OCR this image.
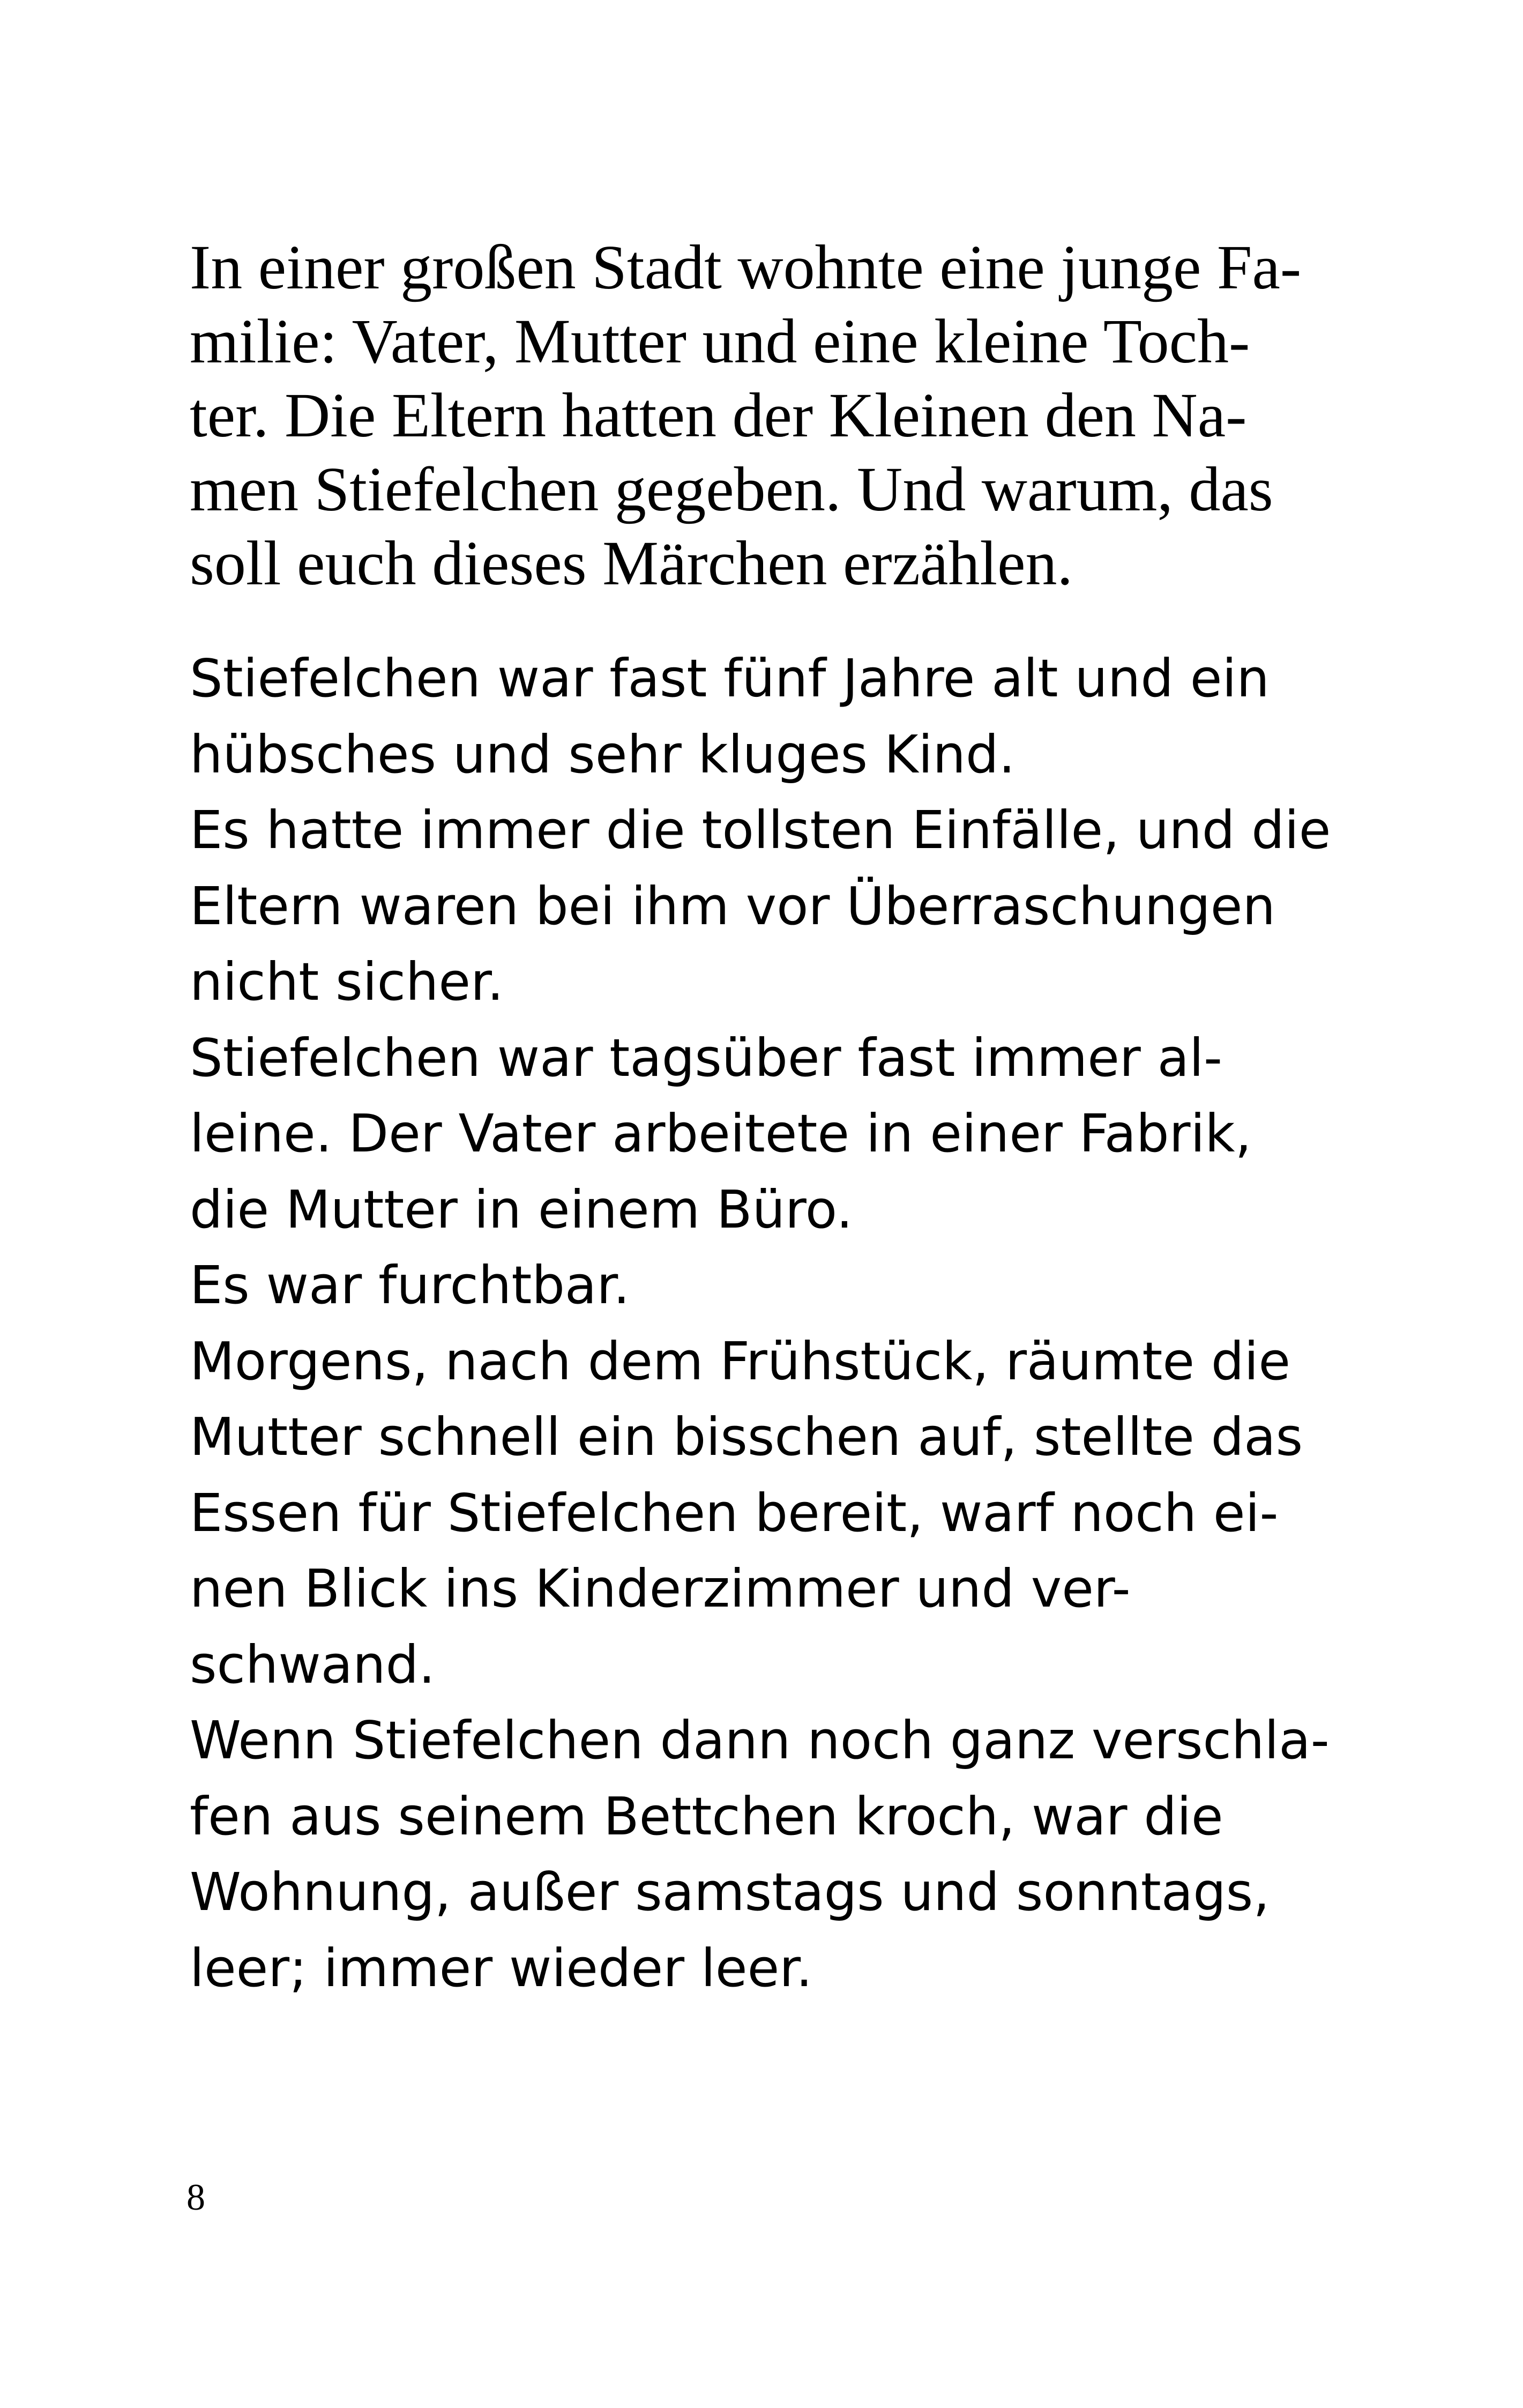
In einer großen Stadt wohnte eine junge Fa-
milie: Vater, Mutter und eine kleine Toch-
ter. Die Eltern hatten der Kleinen den Na-
men Stiefelchen gegeben. Und warum, das
soll euch dieses Märchen erzählen.
Stiefelchen war fast fünf Jahre alt und ein
hübsches und sehr kluges Kind.
Es hatte immer die tollsten Einfälle, und die
Eltern waren bei ihm vor Überraschungen
nicht sicher.
Stiefelchen war tagsüber fast immer al-
leine. Der Vater arbeitete in einer Fabrik,
die Mutter in einem Büro.
Es war furchtbar.
Morgens, nach dem Frühstück, räumte die
Mutter schnell ein bisschen auf, stellte das
Essen für Stiefelchen bereit, warf noch ei-
nen Blick ins Kinderzimmer und ver-
schwand.
Wenn Stiefelchen dann noch ganz verschla-
fen aus seinem Bettchen kroch, war die
Wohnung, außer samstags und sonntags,
leer; immer wieder leer.
8
